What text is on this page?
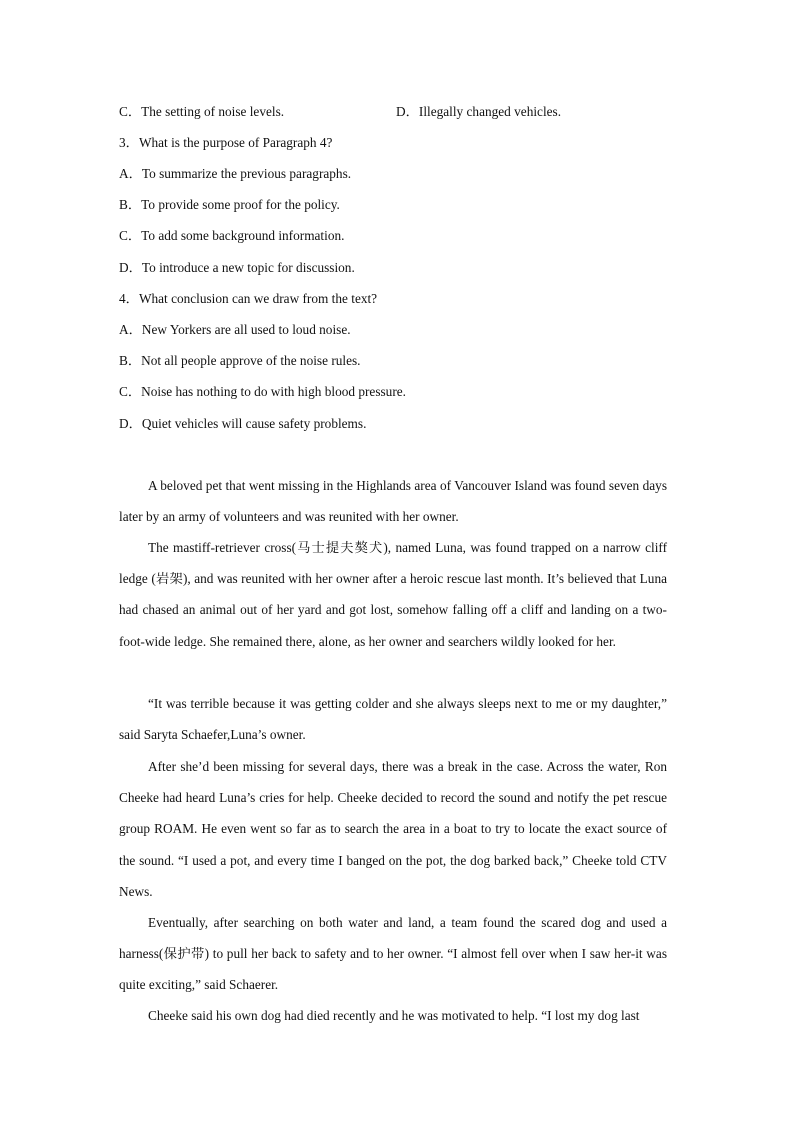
C．The setting of noise levels.	D．Illegally changed vehicles.
3．What is the purpose of Paragraph 4?
A．To summarize the previous paragraphs.
B．To provide some proof for the policy.
C．To add some background information.
D．To introduce a new topic for discussion.
4．What conclusion can we draw from the text?
A．New Yorkers are all used to loud noise.
B．Not all people approve of the noise rules.
C．Noise has nothing to do with high blood pressure.
D．Quiet vehicles will cause safety problems.
A beloved pet that went missing in the Highlands area of Vancouver Island was found seven days later by an army of volunteers and was reunited with her owner.
The mastiff-retriever cross(马士提夫獒犬), named Luna, was found trapped on a narrow cliff ledge (岩架), and was reunited with her owner after a heroic rescue last month. It’s believed that Luna had chased an animal out of her yard and got lost, somehow falling off a cliff and landing on a two-foot-wide ledge. She remained there, alone, as her owner and searchers wildly looked for her.
“It was terrible because it was getting colder and she always sleeps next to me or my daughter,” said Saryta Schaefer,Luna’s owner.
After she’d been missing for several days, there was a break in the case. Across the water, Ron Cheeke had heard Luna’s cries for help. Cheeke decided to record the sound and notify the pet rescue group ROAM. He even went so far as to search the area in a boat to try to locate the exact source of the sound. “I used a pot, and every time I banged on the pot, the dog barked back,” Cheeke told CTV News.
Eventually, after searching on both water and land, a team found the scared dog and used a harness(保护带) to pull her back to safety and to her owner. “I almost fell over when I saw her-it was quite exciting,” said Schaerer.
Cheeke said his own dog had died recently and he was motivated to help. “I lost my dog last
